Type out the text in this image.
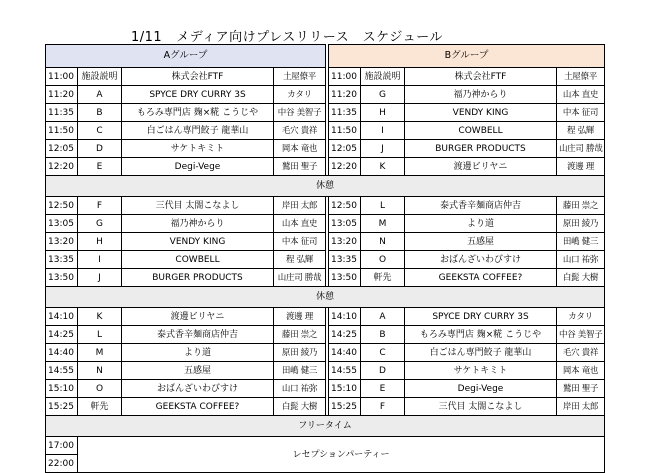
1/11 メディア向けプレスリリース　スケジュール
Aグループ					Bグループ			
11:00	施設説明	株式会社FTF	土屋僚平		11:00	施設説明	株式会社FTF	土屋僚平
11:20	A	SPYCE DRY CURRY 3S	カタリ		11:20	G	福乃神からり	山本 直史
11:35	B	もろみ専門店 麹×糀 こうじや	中谷 美智子		11:35	H	VENDY KING	中本 征司
11:50	C	白ごはん専門餃子 龍華山	毛穴 貴祥		11:50	I	COWBELL	程 弘輝
12:05	D	サケトキミト	岡本 竜也		12:05	J	BURGER PRODUCTS	山庄司 勝哉
12:20	E	Degi-Vege	鷲田 聖子		12:20	K	渡邊ビリヤニ	渡邊 理
休憩								
12:50	F	三代目 太閤こなよし	岸田 太郎		12:50	L	泰式香辛麺商店仲吉	藤田 崇之
13:05	G	福乃神からり	山本 直史		13:05	M	より道	原田 綾乃
13:20	H	VENDY KING	中本 征司		13:20	N	五感屋	田嶋 健三
13:35	I	COWBELL	程 弘輝		13:35	O	おばんざいわびすけ	山口 祐弥
13:50	J	BURGER PRODUCTS	山庄司 勝哉		13:50	軒先	GEEKSTA COFFEE?	白髭 大樹
休憩								
14:10	K	渡邊ビリヤニ	渡邊 理		14:10	A	SPYCE DRY CURRY 3S	カタリ
14:25	L	泰式香辛麺商店仲吉	藤田 崇之		14:25	B	もろみ専門店 麹×糀 こうじや	中谷 美智子
14:40	M	より道	原田 綾乃		14:40	C	白ごはん専門餃子 龍華山	毛穴 貴祥
14:55	N	五感屋	田嶋 健三		14:55	D	サケトキミト	岡本 竜也
15:10	O	おばんざいわびすけ	山口 祐弥		15:10	E	Degi-Vege	鷲田 聖子
15:25	軒先	GEEKSTA COFFEE?	白髭 大樹		15:25	F	三代目 太閤こなよし	岸田 太郎
フリータイム								
17:00	レセプションパーティー							
22:00								
